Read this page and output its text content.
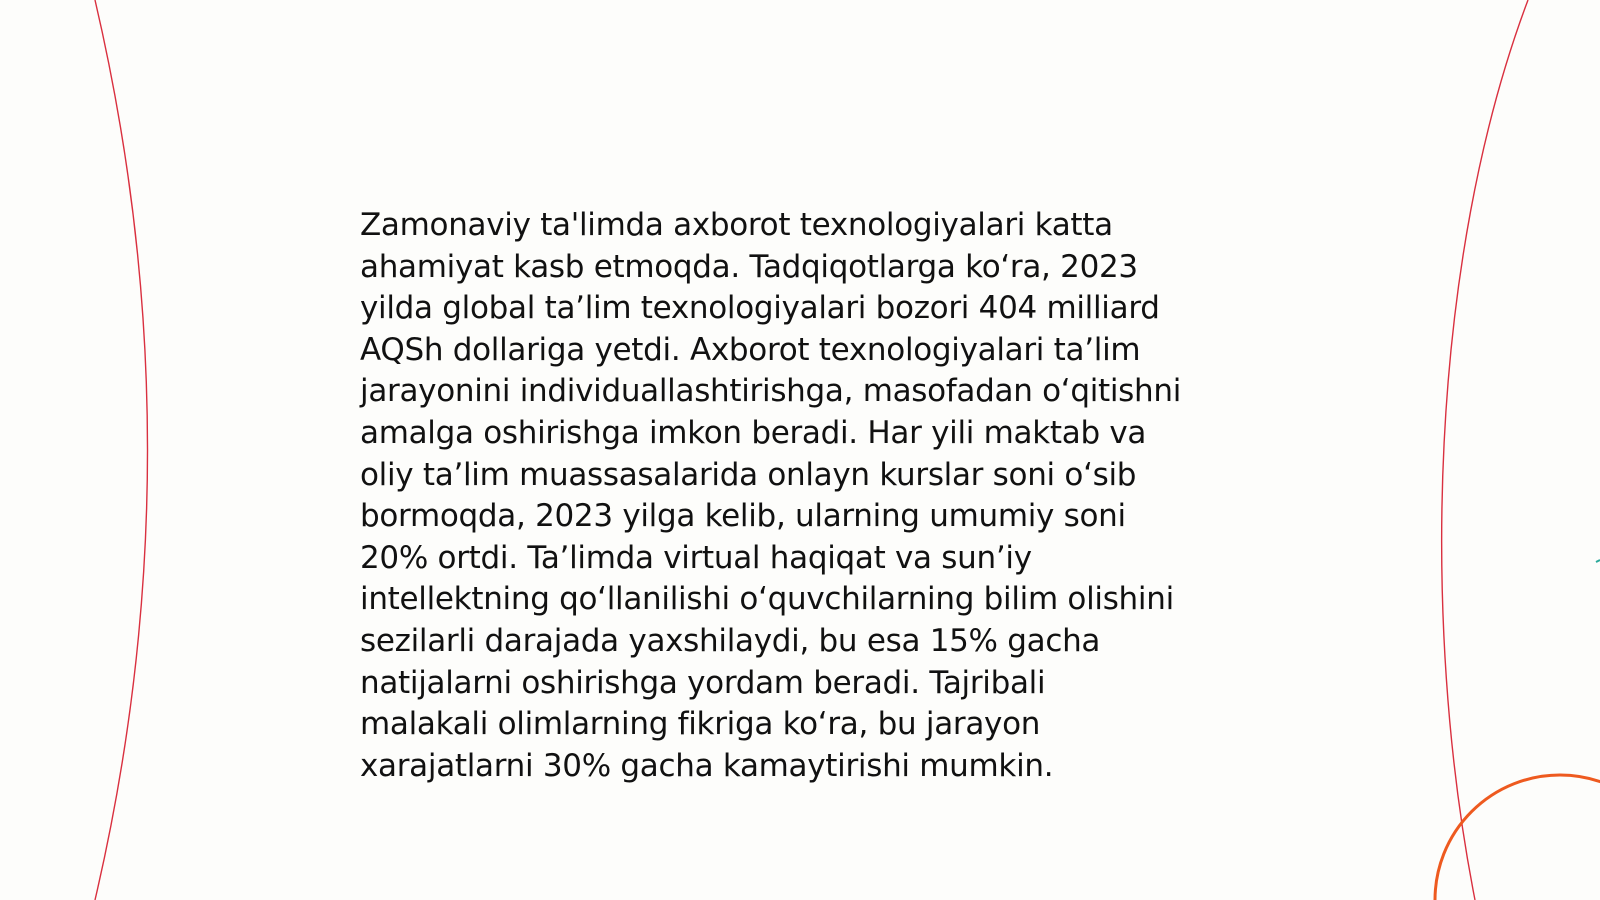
Zamonaviy ta'limda axborot texnologiyalari katta
ahamiyat kasb etmoqda. Tadqiqotlarga koʻra, 2023
yilda global taʼlim texnologiyalari bozori 404 milliard
AQSh dollariga yetdi. Axborot texnologiyalari taʼlim
jarayonini individuallashtirishga, masofadan oʻqitishni
amalga oshirishga imkon beradi. Har yili maktab va
oliy taʼlim muassasalarida onlayn kurslar soni oʻsib
bormoqda, 2023 yilga kelib, ularning umumiy soni
20% ortdi. Taʼlimda virtual haqiqat va sunʼiy
intellektning qoʻllanilishi oʻquvchilarning bilim olishini
sezilarli darajada yaxshilaydi, bu esa 15% gacha
natijalarni oshirishga yordam beradi. Tajribali
malakali olimlarning fikriga koʻra, bu jarayon
xarajatlarni 30% gacha kamaytirishi mumkin.
